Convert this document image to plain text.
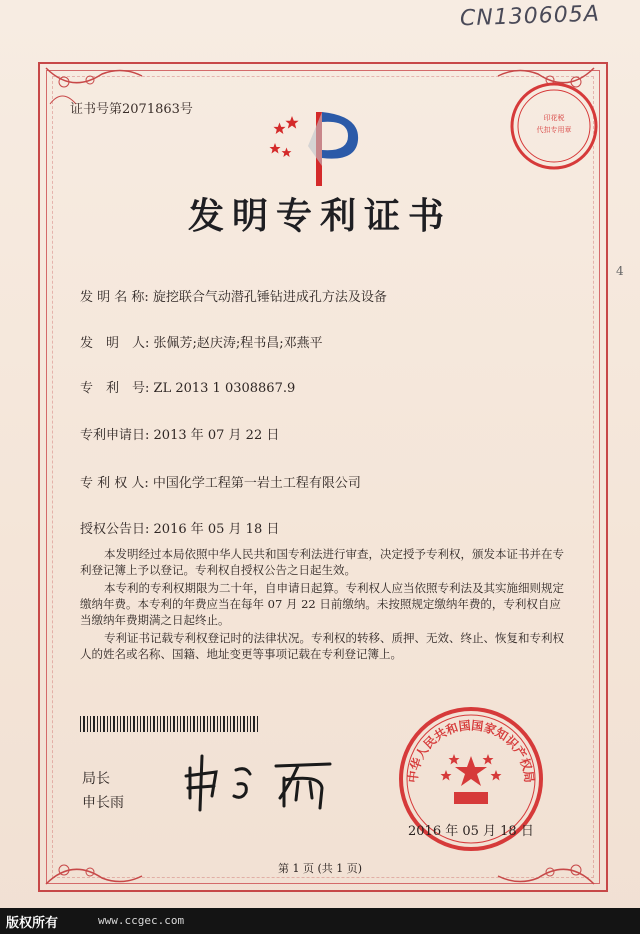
CN130605A
证书号第2071863号
发明专利证书
发 明 名 称: 旋挖联合气动潜孔锤钻进成孔方法及设备
发　明　人: 张佩芳;赵庆涛;程书昌;邓燕平
专　利　号: ZL 2013 1 0308867.9
专利申请日: 2013 年 07 月 22 日
专 利 权 人: 中国化学工程第一岩土工程有限公司
授权公告日: 2016 年 05 月 18 日

本发明经过本局依照中华人民共和国专利法进行审查，决定授予专利权，颁发本证书并在专利登记簿上予以登记。专利权自授权公告之日起生效。

本专利的专利权期限为二十年，自申请日起算。专利权人应当依照专利法及其实施细则规定缴纳年费。本专利的年费应当在每年 07 月 22 日前缴纳。未按照规定缴纳年费的，专利权自应当缴纳年费期满之日起终止。

专利证书记载专利权登记时的法律状况。专利权的转移、质押、无效、终止、恢复和专利权人的姓名或名称、国籍、地址变更等事项记载在专利登记簿上。

局长
申长雨
印花税
代扣专用章
中华人民共和国国家知识产权局
2016 年 05 月 18 日
第 1 页 (共 1 页)
4
版权所有	www.ccgec.com
